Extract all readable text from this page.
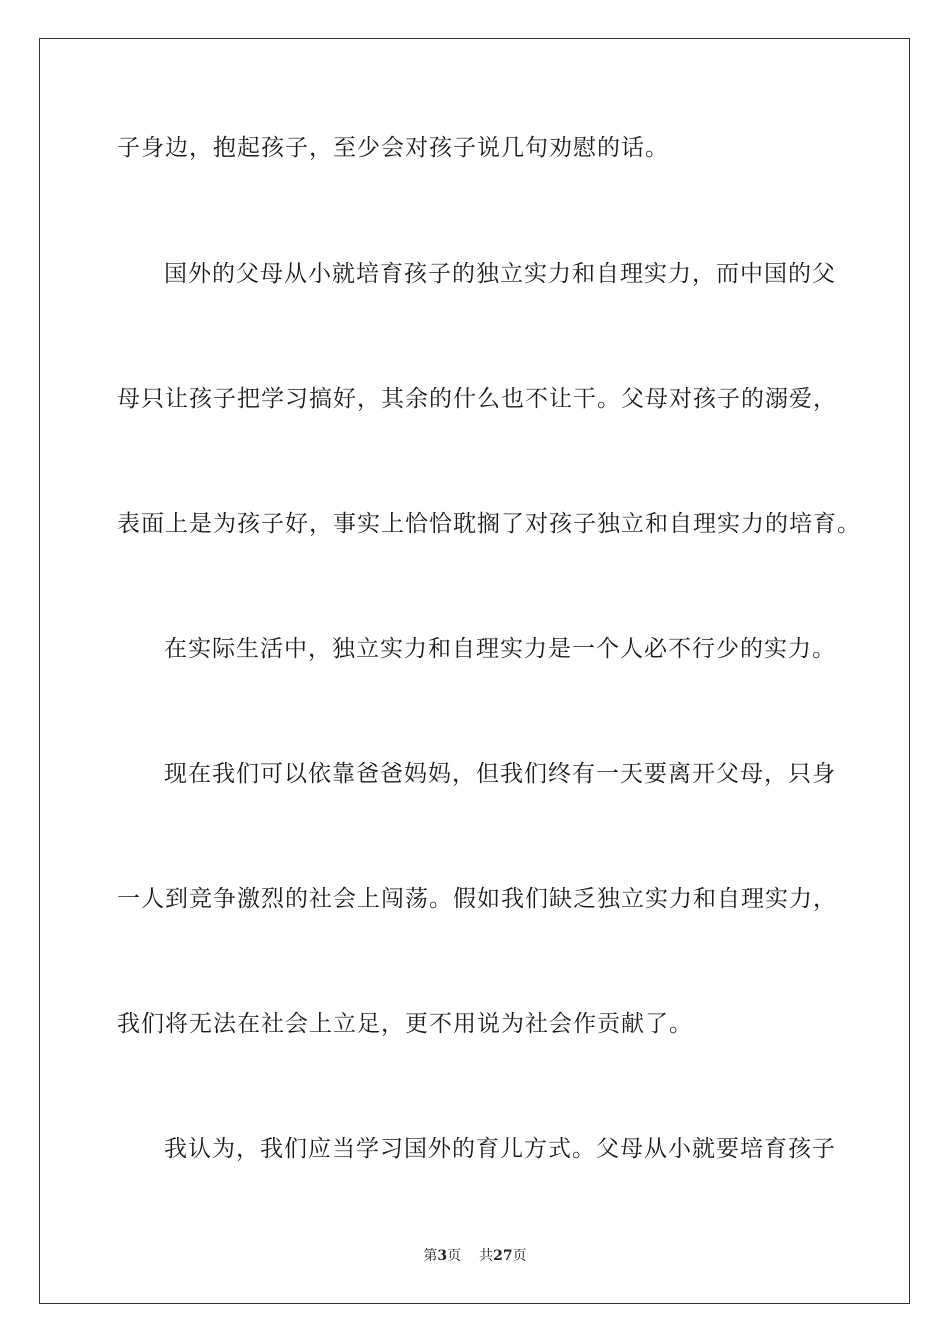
子身边，抱起孩子，至少会对孩子说几句劝慰的话。
国外的父母从小就培育孩子的独立实力和自理实力，而中国的父
母只让孩子把学习搞好，其余的什么也不让干。父母对孩子的溺爱，
表面上是为孩子好，事实上恰恰耽搁了对孩子独立和自理实力的培育。
在实际生活中，独立实力和自理实力是一个人必不行少的实力。
现在我们可以依靠爸爸妈妈，但我们终有一天要离开父母，只身
一人到竞争激烈的社会上闯荡。假如我们缺乏独立实力和自理实力，
我们将无法在社会上立足，更不用说为社会作贡献了。
我认为，我们应当学习国外的育儿方式。父母从小就要培育孩子
第3页 共27页
